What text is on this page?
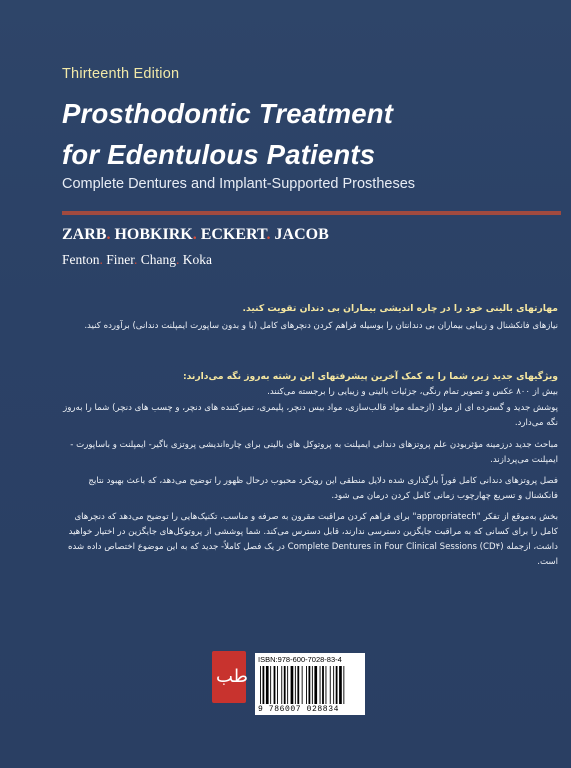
Thirteenth Edition
Prosthodontic Treatment
for Edentulous Patients
Complete Dentures and Implant-Supported Prostheses
ZARB. HOBKIRK. ECKERT. JACOB
Fenton. Finer. Chang. Koka
مهارتهای بالینی خود را در چاره اندیشی بیماران بی دندان تقویت کنید.
نیازهای فانکشنال و زیبایی بیماران بی دندانتان را بوسیله فراهم کردن دنچرهای کامل (با و بدون ساپورت ایمپلنت دندانی) برآورده کنید.
ویژگیهای جدید زیر، شما را به کمک آخرین پیشرفتهای این رشته به‌روز نگه می‌دارند:
بیش از ۸۰۰ عکس و تصویر تمام رنگی، جزئیات بالینی و زیبایی را برجسته می‌کنند.
پوشش جدید و گسترده ای از مواد (ازجمله مواد قالب‌سازی، مواد بیس دنچر، پلیمری، تمیزکننده های دنچر، و چسب های دنچر) شما را به‌روز نگه می‌دارد.
مباحث جدید درزمینه مؤثربودن علم پروتزهای دندانی ایمپلنت به پروتوکل های بالینی برای چاره‌اندیشی پروتزی باگیر- ایمپلنت و باساپورت - ایمپلنت می‌پردازند.
فصل پروتزهای دندانی کامل فوراً بارگذاری شده دلایل منطقی این رویکرد محبوب درحال ظهور را توضیح می‌دهد، که باعث بهبود نتایج فانکشنال و تسریع چهارچوب زمانی کامل کردن درمان می شود.
بخش به‌موقع از تفکر "appropriatech" برای فراهم کردن مراقبت مقرون به صرفه و مناسب، تکنیک‌هایی را توضیح می‌دهد که دنچرهای کامل را برای کسانی که به مراقبت جایگزین دسترسی ندارند، قابل دسترس می‌کند. شما پوششی از پروتوکل‌های جایگزین در اختیار خواهید داشت، ازجمله Complete Dentures in Four Clinical Sessions (CD۴) در یک فصل کاملاً- جدید که به این موضوع اختصاص داده شده است.
طب
ISBN:978-600-7028-83-4
9 786007 028834
